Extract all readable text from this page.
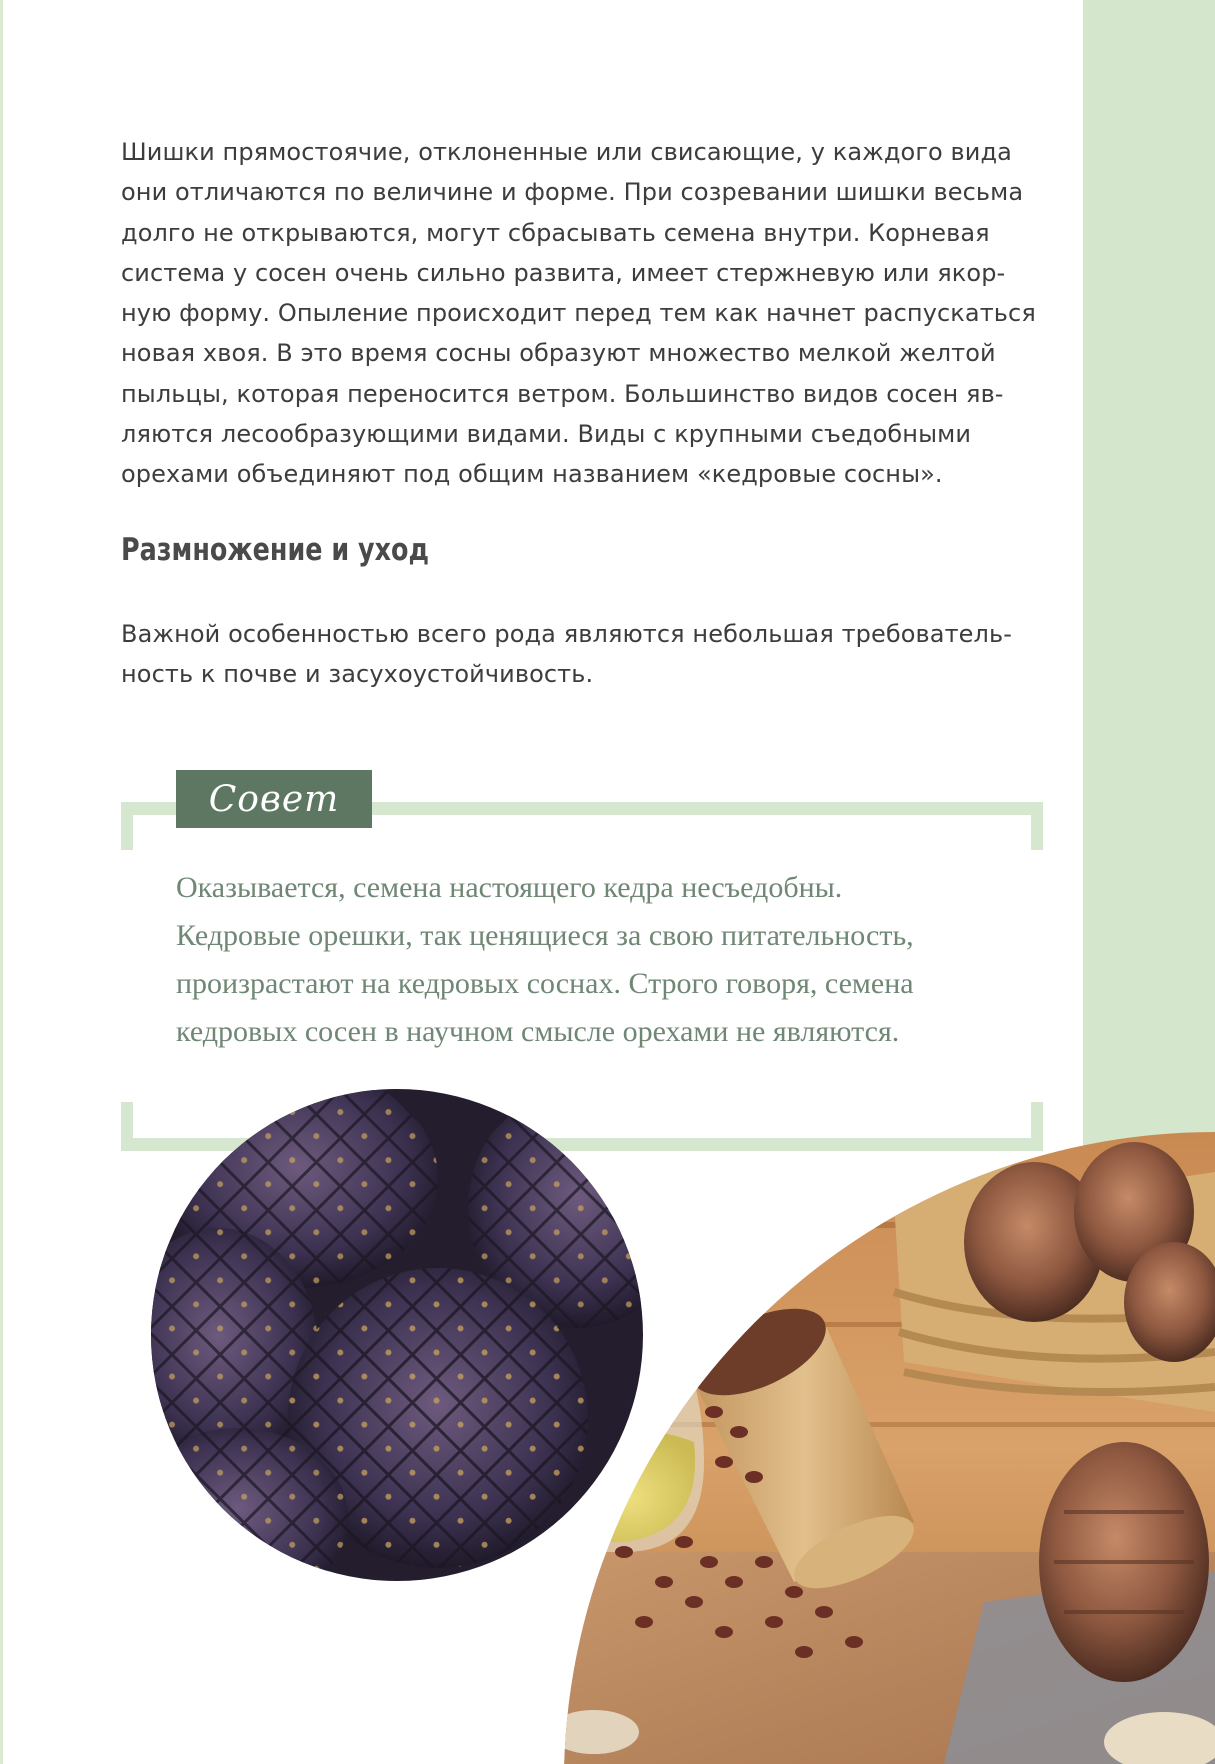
Шишки прямостоячие, отклоненные или свисающие, у каждого вида
они отличаются по величине и форме. При созревании шишки весьма
долго не открываются, могут сбрасывать семена внутри. Корневая
система у сосен очень сильно развита, имеет стержневую или якор-
ную форму. Опыление происходит перед тем как начнет распускаться
новая хвоя. В это время сосны образуют множество мелкой желтой
пыльцы, которая переносится ветром. Большинство видов сосен яв-
ляются лесообразующими видами. Виды с крупными съедобными
орехами объединяют под общим названием «кедровые сосны».

Размножение и уход

Важной особенностью всего рода являются небольшая требователь-
ность к почве и засухоустойчивость.

Совет

Оказывается, семена настоящего кедра несъедобны.
Кедровые орешки, так ценящиеся за свою питательность,
произрастают на кедровых соснах. Строго говоря, семена
кедровых сосен в научном смысле орехами не являются.
